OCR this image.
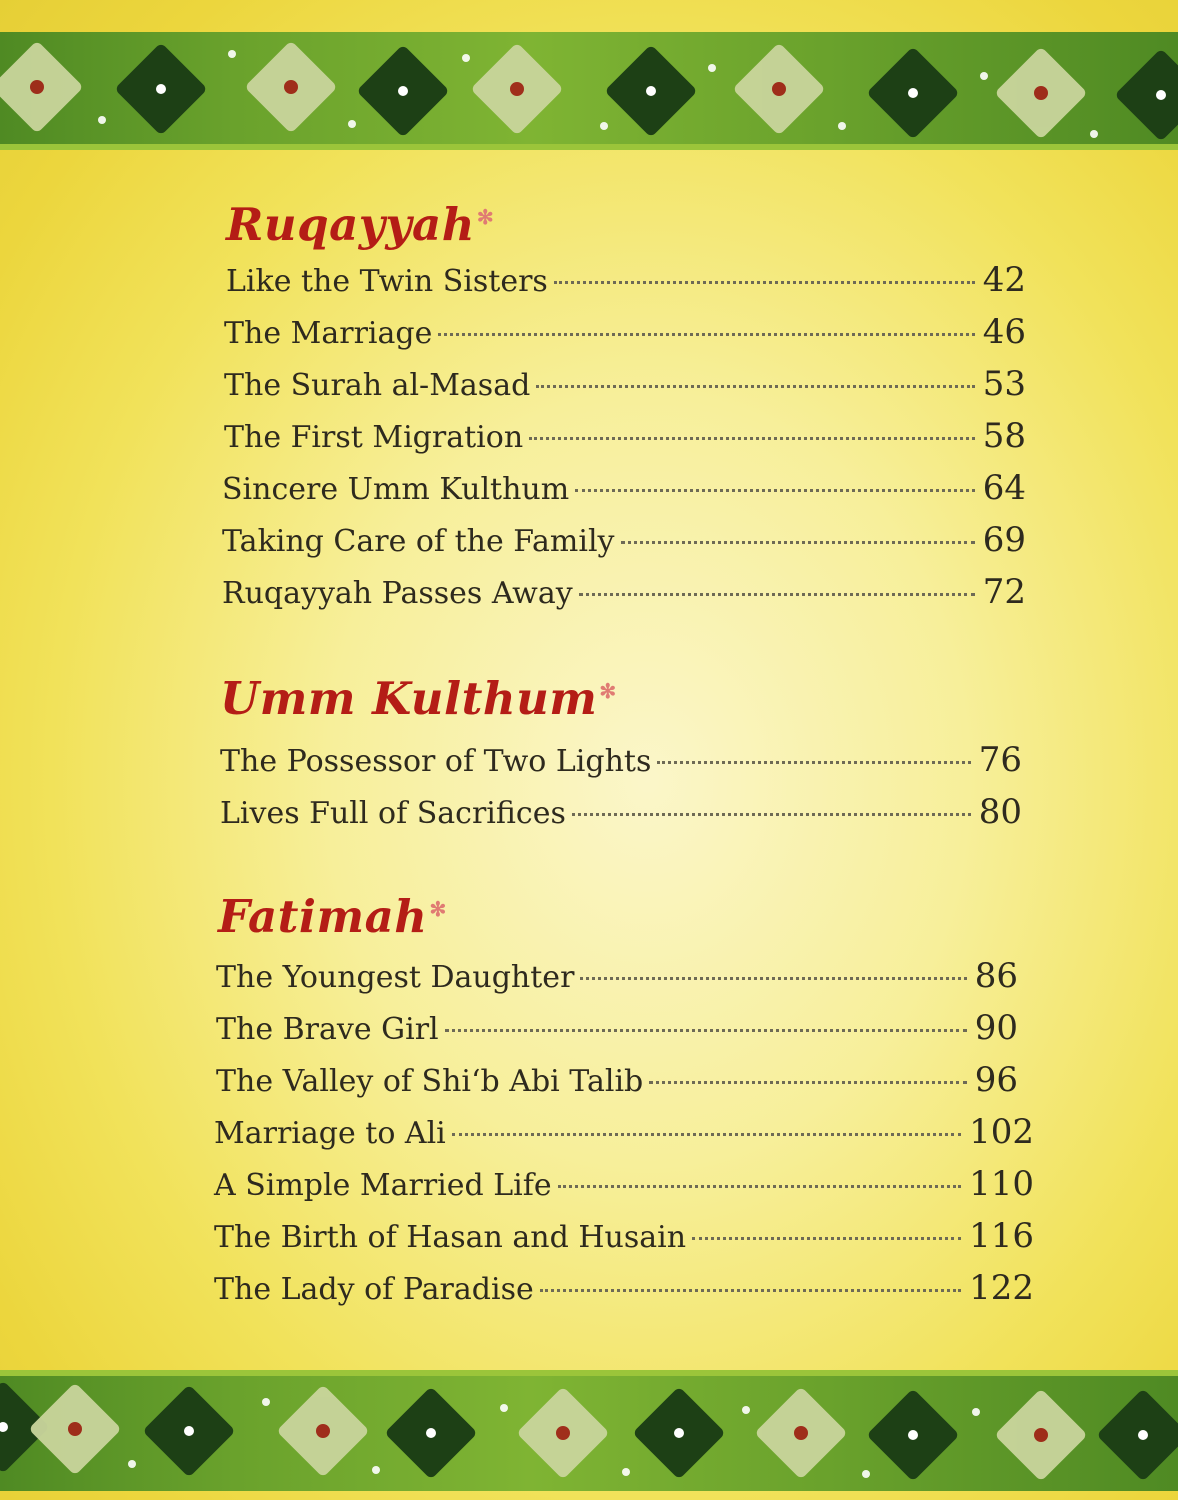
Ruqayyah ✻
Like the Twin Sisters	42
The Marriage	46
The Surah al-Masad	53
The First Migration	58
Sincere Umm Kulthum	64
Taking Care of the Family	69
Ruqayyah Passes Away	72
Umm Kulthum ✻
The Possessor of Two Lights	76
Lives Full of Sacrifices	80
Fatimah ✻
The Youngest Daughter	86
The Brave Girl	90
The Valley of Shi‘b Abi Talib	96
Marriage to Ali	102
A Simple Married Life	110
The Birth of Hasan and Husain	116
The Lady of Paradise	122
